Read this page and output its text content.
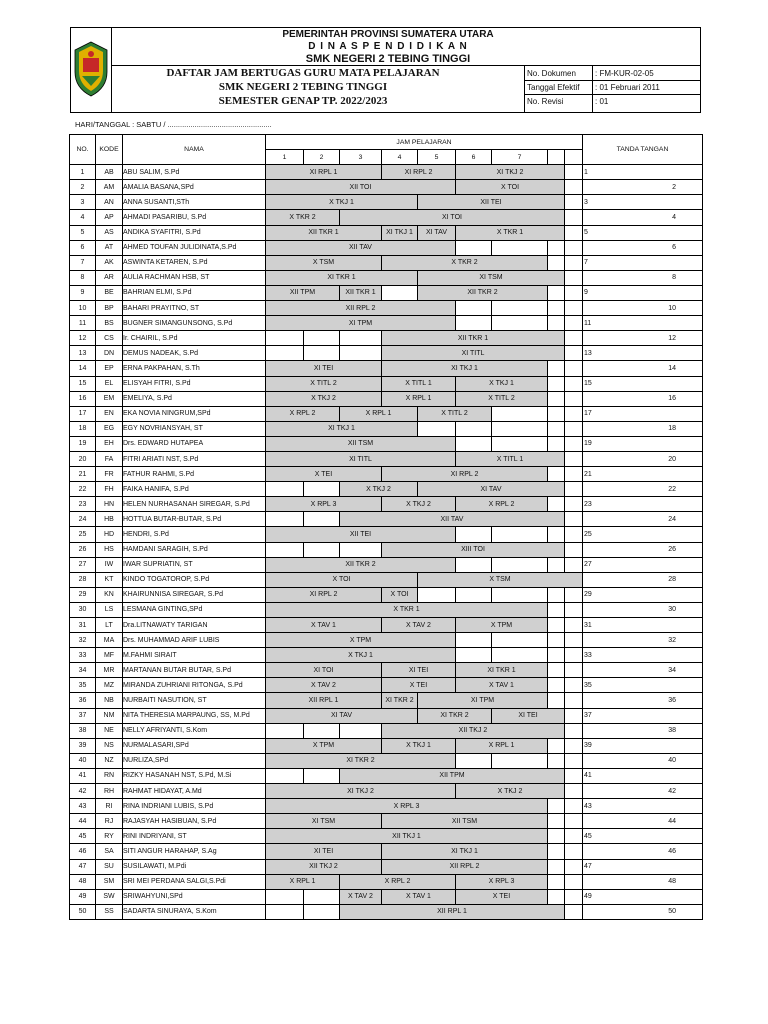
PEMERINTAH PROVINSI SUMATERA UTARA
D I N A S P E N D I D I K A N
SMK NEGERI 2 TEBING TINGGI
DAFTAR JAM BERTUGAS GURU MATA PELAJARAN
SMK NEGERI 2 TEBING TINGGI
SEMESTER GENAP TP. 2022/2023
No. Dokumen : FM-KUR-02-05
Tanggal Efektif : 01 Februari 2011
No. Revisi	: 01
HARI/TANGGAL : SABTU / ..................................................
NO.	KODE	NAMA	JAM PELAJARAN									TANDA TANGAN
			1	2	3	4	5	6	7			
1	AB	ABU SALIM, S.Pd	XI RPL 1			XI RPL 2		XI TKJ 2				1
2	AM	AMALIA BASANA,SPd	XII TOI					X TOI				2
3	AN	ANNA SUSANTI,STh	X TKJ 1				XII TEI					3
4	AP	AHMADI PASARIBU, S.Pd	X TKR 2		XI TOI							4
5	AS	ANDIKA SYAFITRI, S.Pd	XII TKR 1			XI TKJ 1	XI TAV	X TKR 1				5
6	AT	AHMED TOUFAN JULIDINATA,S.Pd	XII TAV									6
7	AK	ASWINTA KETAREN, S.Pd	X TSM			X TKR 2						7
8	AR	AULIA RACHMAN HSB, ST	XI TKR 1				XI TSM					8
9	BE	BAHRIAN ELMI, S.Pd	XII TPM		XII TKR 1		XII TKR 2					9
10	BP	BAHARI PRAYITNO, ST	XII RPL 2									10
11	BS	BUGNER SIMANGUNSONG, S.Pd	XI TPM									11
12	CS	Ir. CHAIRIL, S.Pd				XII TKR 1						12
13	DN	DEMUS NADEAK, S.Pd				XI TITL						13
14	EP	ERNA PAKPAHAN, S.Th	XI TEI			XI TKJ 1						14
15	EL	ELISYAH FITRI, S.Pd	X TITL 2			X TITL 1		X TKJ 1				15
16	EM	EMELIYA, S.Pd	X TKJ 2			X RPL 1		X TITL 2				16
17	EN	EKA NOVIA NINGRUM,SPd	X RPL 2		X RPL 1		X TITL 2					17
18	EG	EGY NOVRIANSYAH, ST	XI TKJ 1									18
19	EH	Drs. EDWARD HUTAPEA	XII TSM									19
20	FA	FITRI ARIATI NST, S.Pd	XI TITL					X TITL 1				20
21	FR	FATHUR RAHMI, S.Pd	X TEI			XI RPL 2						21
22	FH	FAIKA HANIFA, S.Pd			X TKJ 2		XI TAV					22
23	HN	HELEN NURHASANAH SIREGAR, S.Pd	X RPL 3			X TKJ 2		X RPL 2				23
24	HB	HOTTUA BUTAR-BUTAR, S.Pd			XII TAV							24
25	HD	HENDRI, S.Pd	XII TEI									25
26	HS	HAMDANI SARAGIH, S.Pd				XIII TOI						26
27	IW	IWAR SUPRIATIN, ST	XII TKR 2									27
28	KT	KINDO TOGATOROP, S.Pd	X TOI				X TSM					28
29	KN	KHAIRUNNISA SIREGAR, S.Pd	XI RPL 2			X TOI						29
30	LS	LESMANA GINTING,SPd	X TKR 1									30
31	LT	Dra.LITNAWATY TARIGAN	X TAV 1			X TAV 2		X TPM				31
32	MA	Drs. MUHAMMAD ARIF LUBIS	X TPM									32
33	MF	M.FAHMI SIRAIT	X TKJ 1									33
34	MR	MARTANAN BUTAR BUTAR, S.Pd	XI TOI			XI TEI		XI TKR 1				34
35	MZ	MIRANDA ZUHRIANI RITONGA, S.Pd	X TAV 2			X TEI		X TAV 1				35
36	NB	NURBAITI NASUTION, ST	XII RPL 1			XI TKR 2	XI TPM					36
37	NM	NITA THERESIA MARPAUNG, SS, M.Pd	XI TAV				XI TKR 2		XI TEI			37
38	NE	NELLY AFRIYANTI, S.Kom				XII TKJ 2						38
39	NS	NURMALASARI,SPd	X TPM			X TKJ 1		X RPL 1				39
40	NZ	NURLIZA,SPd	XI TKR 2									40
41	RN	RIZKY HASANAH NST, S.Pd, M.Si			XII TPM							41
42	RH	RAHMAT HIDAYAT, A.Md	XI TKJ 2					X TKJ 2				42
43	RI	RINA INDRIANI LUBIS, S.Pd	X RPL 3									43
44	RJ	RAJASYAH HASIBUAN, S.Pd	XI TSM			XII TSM						44
45	RY	RINI INDRIYANI, ST	XII TKJ 1									45
46	SA	SITI ANGUR HARAHAP, S.Ag	XI TEI			XI TKJ 1						46
47	SU	SUSILAWATI, M.Pdi	XII TKJ 2			XII RPL 2						47
48	SM	SRI MEI PERDANA SALGI,S.Pdi	X RPL 1		X RPL 2			X RPL 3				48
49	SW	SRIWAHYUNI,SPd			X TAV 2	X TAV 1		X TEI				49
50	SS	SADARTA SINURAYA, S.Kom			XII RPL 1							50
